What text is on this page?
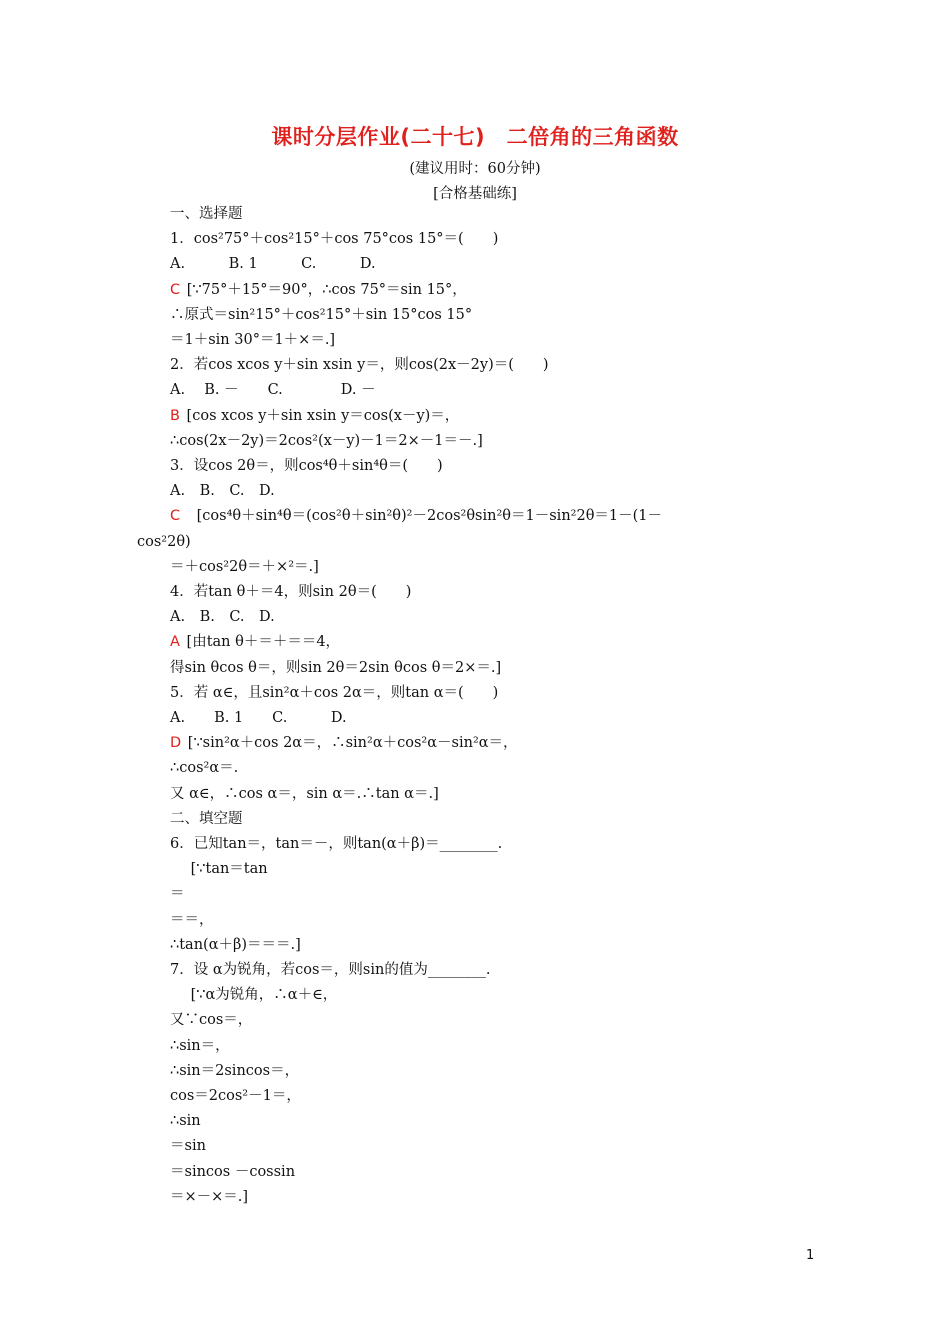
课时分层作业(二十七)　二倍角的三角函数
(建议用时：60分钟)
[合格基础练]
一、选择题
1．cos²75°＋cos²15°＋cos 75°cos 15°＝(　　)
A.　　　B. 1　　　C.　　　D.
C [∵75°＋15°＝90°，∴cos 75°＝sin 15°，
∴原式＝sin²15°＋cos²15°＋sin 15°cos 15°
＝1＋sin 30°＝1＋×＝.]
2．若cos xcos y＋sin xsin y＝，则cos(2x－2y)＝(　　)
A.　 B. －　　C.　　　　D. －
B [cos xcos y＋sin xsin y＝cos(x－y)＝，
∴cos(2x－2y)＝2cos²(x－y)－1＝2×－1＝－.]
3．设cos 2θ＝，则cos⁴θ＋sin⁴θ＝(　　)
A.　B.　C.　D.
C　[cos⁴θ＋sin⁴θ＝(cos²θ＋sin²θ)²－2cos²θsin²θ＝1－sin²2θ＝1－(1－
cos²2θ)
＝＋cos²2θ＝＋×²＝.]
4．若tan θ＋＝4，则sin 2θ＝(　　)
A.　B.　C.　D.
A [由tan θ＋＝＋＝＝4，
得sin θcos θ＝，则sin 2θ＝2sin θcos θ＝2×＝.]
5．若 α∈，且sin²α＋cos 2α＝，则tan α＝(　　)
A.　　B. 1　　C.　　　D.
D [∵sin²α＋cos 2α＝，∴sin²α＋cos²α－sin²α＝，
∴cos²α＝.
又 α∈，∴cos α＝，sin α＝.∴tan α＝.]
二、填空题
6．已知tan＝，tan＝－，则tan(α＋β)＝________.
[∵tan＝tan
＝
＝＝，
∴tan(α＋β)＝＝＝.]
7．设 α为锐角，若cos＝，则sin的值为________.
[∵α为锐角，∴α＋∈，
又∵cos＝，
∴sin＝，
∴sin＝2sincos＝，
cos＝2cos²－1＝，
∴sin
＝sin
＝sincos －cossin
＝×－×＝.]
1
